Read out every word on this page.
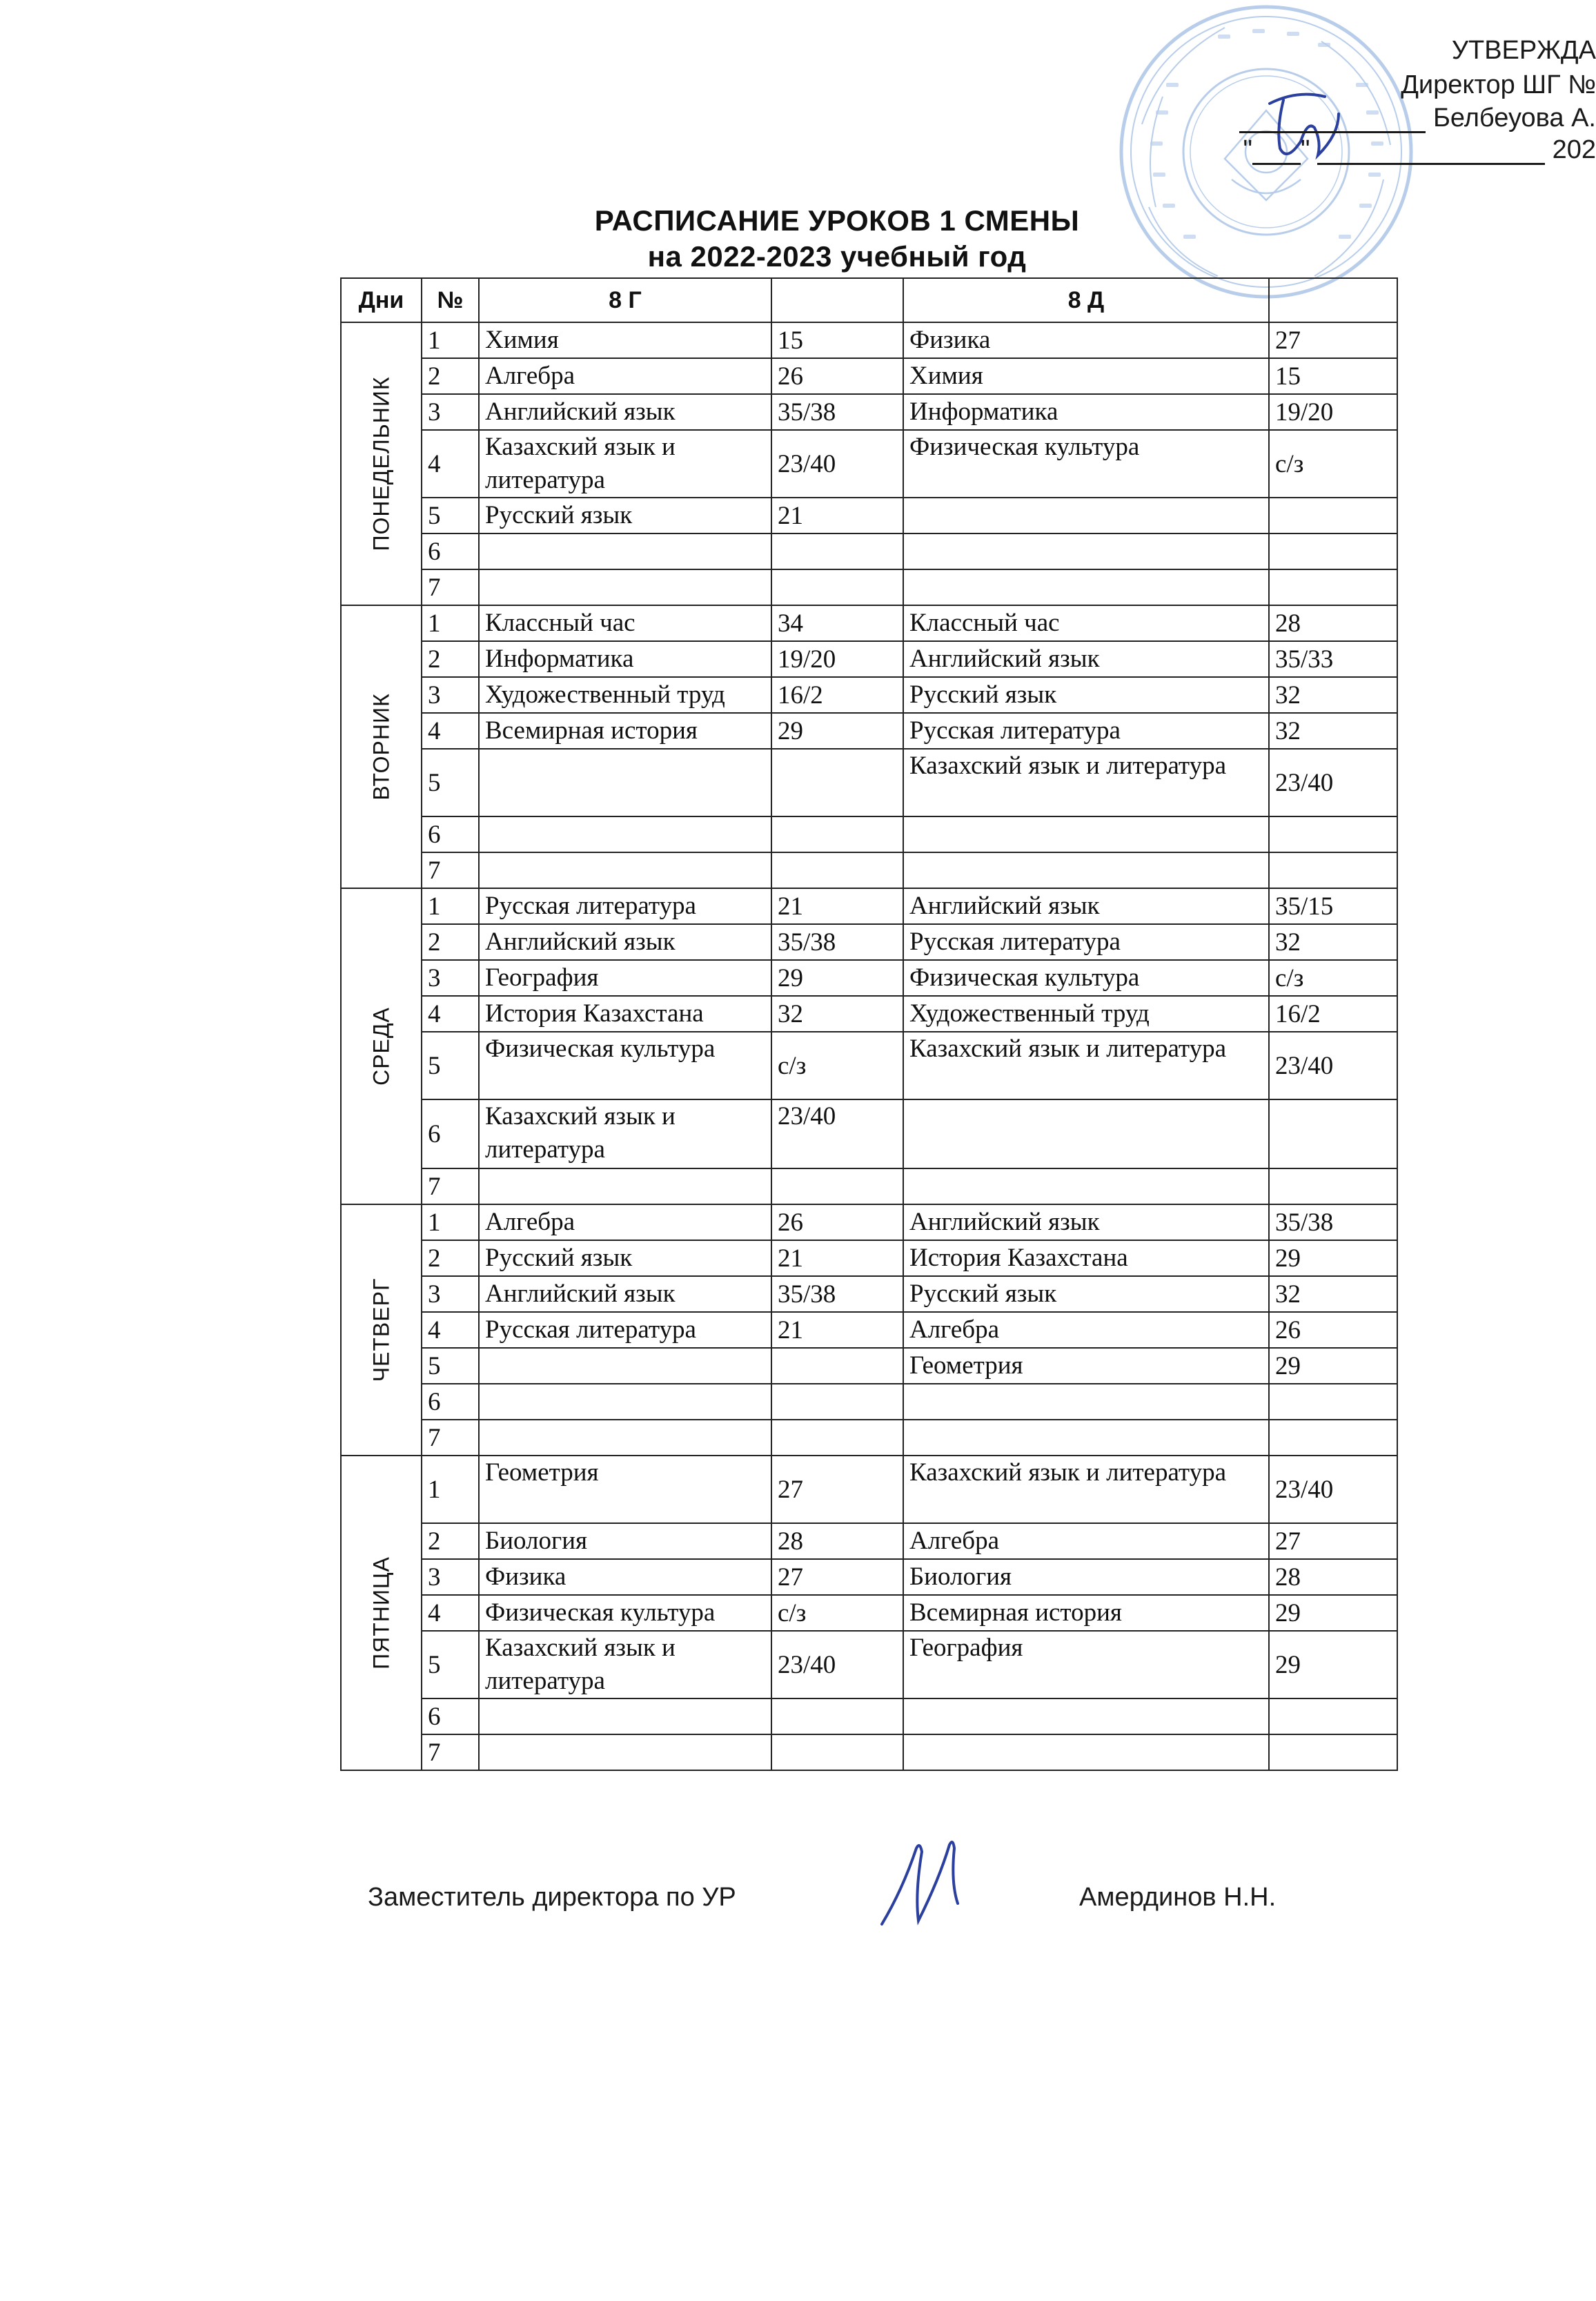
УТВЕРЖДА
Директор ШГ №
Белбеуова А.
" "	202
РАСПИСАНИЕ УРОКОВ 1 СМЕНЫ
на 2022-2023 учебный год
Дни	№	8 Г		8 Д	

ПОНЕДЕЛЬНИК	1	Химия	15	Физика	27
	2	Алгебра	26	Химия	15
	3	Английский язык	35/38	Информатика	19/20
	4	Казахский язык и литература	23/40	Физическая культура	с/з
	5	Русский язык	21		
	6				
	7				

ВТОРНИК	1	Классный час	34	Классный час	28
	2	Информатика	19/20	Английский язык	35/33
	3	Художественный труд	16/2	Русский язык	32
	4	Всемирная история	29	Русская литература	32
	5			Казахский язык и литература	23/40
	6				
	7				

СРЕДА	1	Русская литература	21	Английский язык	35/15
	2	Английский язык	35/38	Русская литература	32
	3	География	29	Физическая культура	с/з
	4	История Казахстана	32	Художественный труд	16/2
	5	Физическая культура	с/з	Казахский язык и литература	23/40
	6	Казахский язык и литература	23/40		
	7				

ЧЕТВЕРГ	1	Алгебра	26	Английский язык	35/38
	2	Русский язык	21	История Казахстана	29
	3	Английский язык	35/38	Русский язык	32
	4	Русская литература	21	Алгебра	26
	5			Геометрия	29
	6				
	7				

ПЯТНИЦА	1	Геометрия	27	Казахский язык и литература	23/40
	2	Биология	28	Алгебра	27
	3	Физика	27	Биология	28
	4	Физическая культура	с/з	Всемирная история	29
	5	Казахский язык и литература	23/40	География	29
	6				
	7				
Заместитель директора по УР	Амердинов Н.Н.
